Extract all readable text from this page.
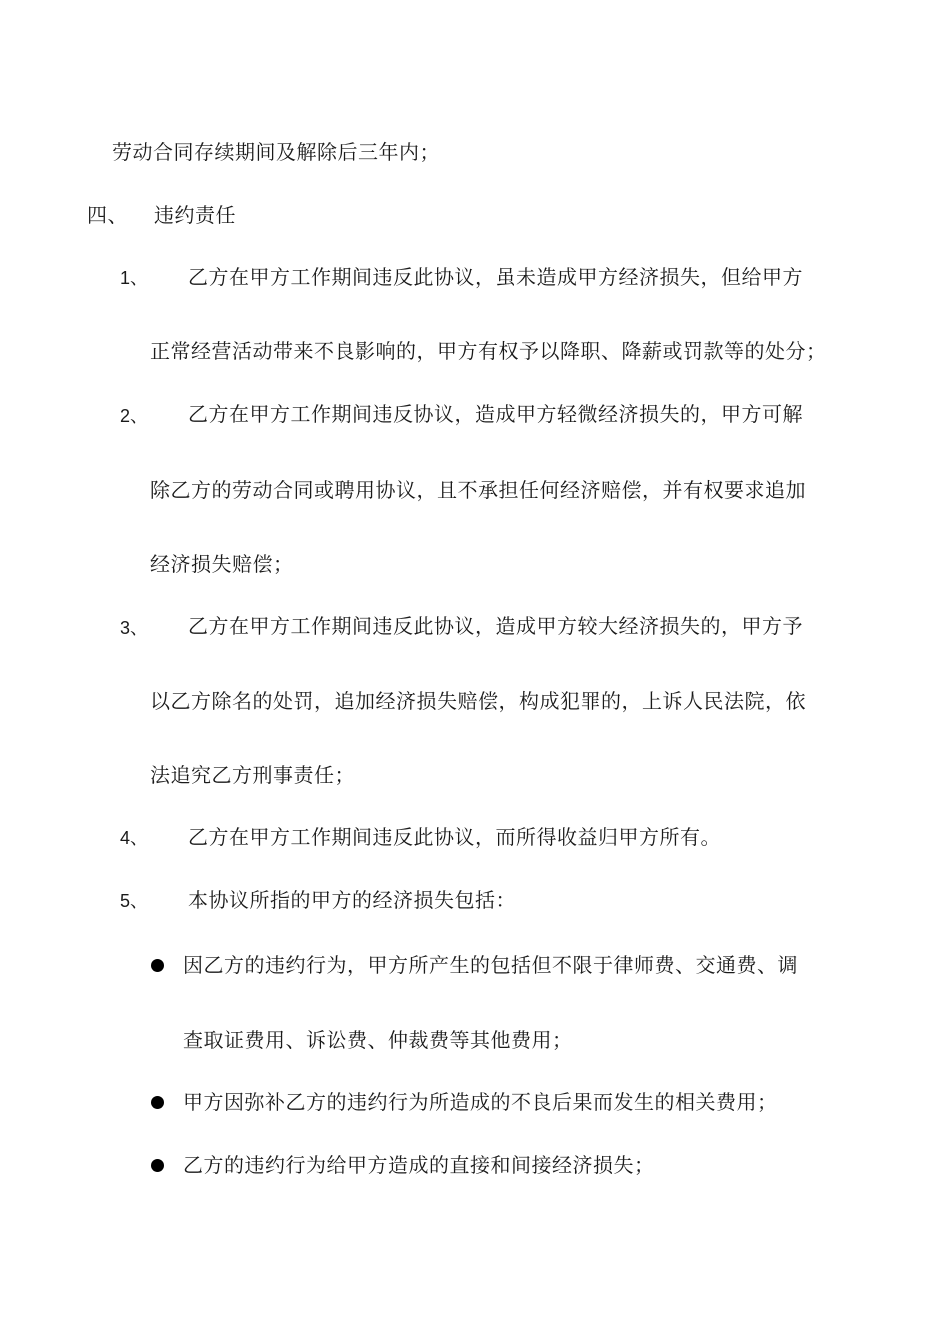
劳动合同存续期间及解除后三年内；
四、 违约责任
1、 乙方在甲方工作期间违反此协议，虽未造成甲方经济损失，但给甲方
正常经营活动带来不良影响的，甲方有权予以降职、降薪或罚款等的处分；
2、 乙方在甲方工作期间违反协议，造成甲方轻微经济损失的，甲方可解
除乙方的劳动合同或聘用协议，且不承担任何经济赔偿，并有权要求追加
经济损失赔偿；
3、 乙方在甲方工作期间违反此协议，造成甲方较大经济损失的，甲方予
以乙方除名的处罚，追加经济损失赔偿，构成犯罪的，上诉人民法院，依
法追究乙方刑事责任；
4、 乙方在甲方工作期间违反此协议，而所得收益归甲方所有。
5、 本协议所指的甲方的经济损失包括：
因乙方的违约行为，甲方所产生的包括但不限于律师费、交通费、调
查取证费用、诉讼费、仲裁费等其他费用；
甲方因弥补乙方的违约行为所造成的不良后果而发生的相关费用；
乙方的违约行为给甲方造成的直接和间接经济损失；
